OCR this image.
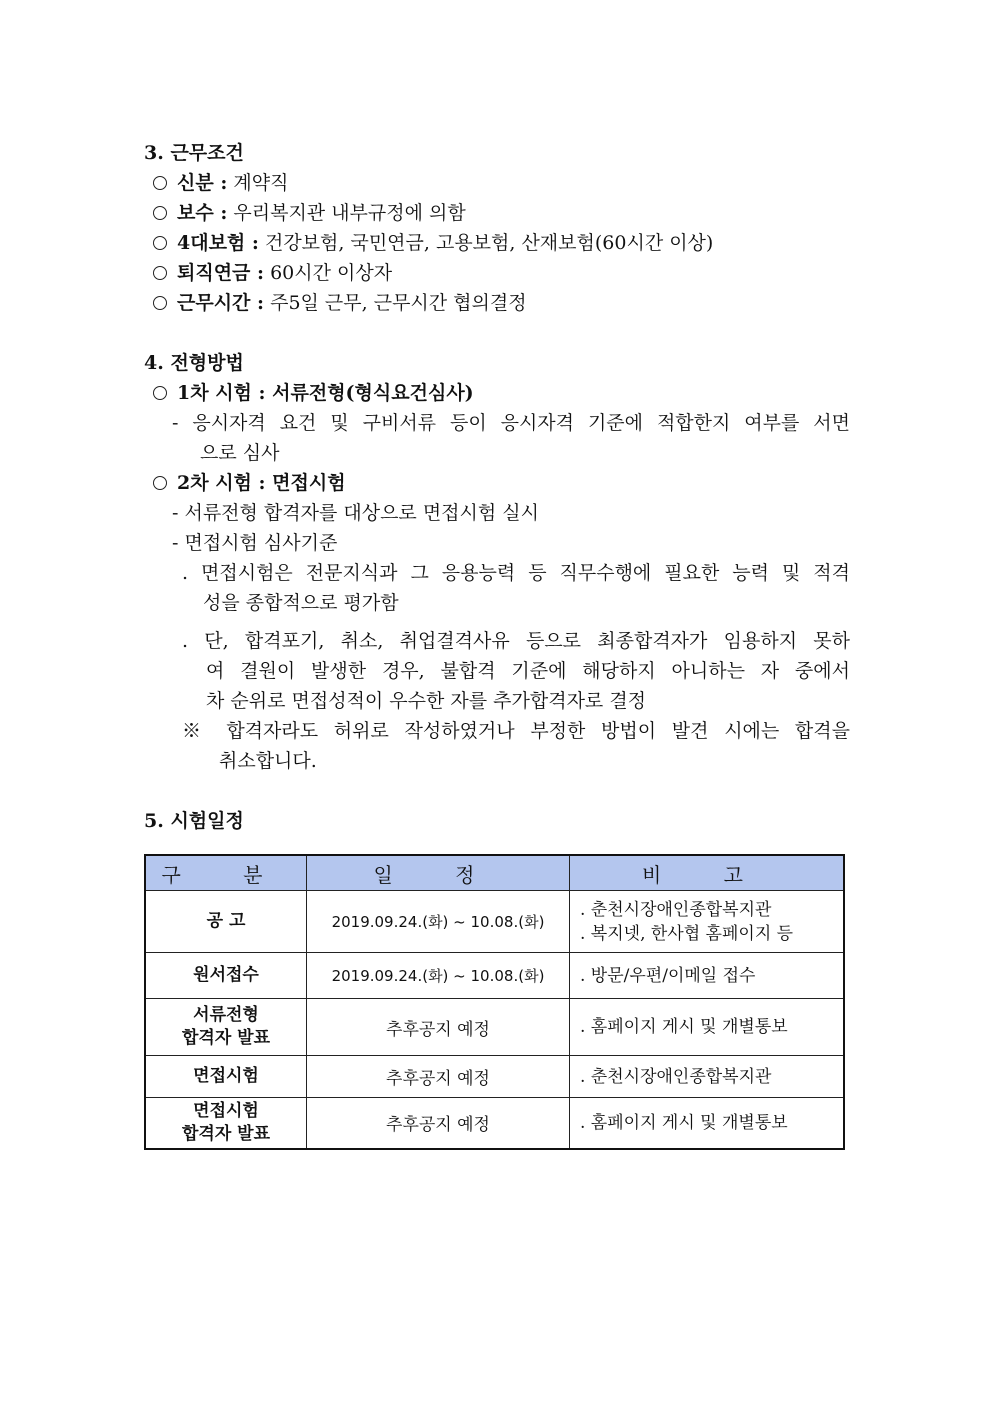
3. 근무조건
신분 : 계약직
보수 : 우리복지관 내부규정에 의함
4대보험 : 건강보험, 국민연금, 고용보험, 산재보험(60시간 이상)
퇴직연금 : 60시간 이상자
근무시간 : 주5일 근무, 근무시간 협의결정
4. 전형방법
1차 시험 : 서류전형(형식요건심사)
- 응시자격 요건 및 구비서류 등이 응시자격 기준에 적합한지 여부를 서면
으로 심사
2차 시험 : 면접시험
- 서류전형 합격자를 대상으로 면접시험 실시
- 면접시험 심사기준
. 면접시험은 전문지식과 그 응용능력 등 직무수행에 필요한 능력 및 적격
성을 종합적으로 평가함
. 단, 합격포기, 취소, 취업결격사유 등으로 최종합격자가 임용하지 못하
여 결원이 발생한 경우, 불합격 기준에 해당하지 아니하는 자 중에서
차 순위로 면접성적이 우수한 자를 추가합격자로 결정
※ 합격자라도 허위로 작성하였거나 부정한 방법이 발견 시에는 합격을
취소합니다.
5. 시험일정
구 분	일 정	비 고
공 고	2019.09.24.(화) ~ 10.08.(화)	. 춘천시장애인종합복지관
. 복지넷, 한사협 홈페이지 등

원서접수	2019.09.24.(화) ~ 10.08.(화)	. 방문/우편/이메일 접수

서류전형
합격자 발표	추후공지 예정	. 홈페이지 게시 및 개별통보
면접시험	추후공지 예정	. 춘천시장애인종합복지관

면접시험
합격자 발표	추후공지 예정	. 홈페이지 게시 및 개별통보
